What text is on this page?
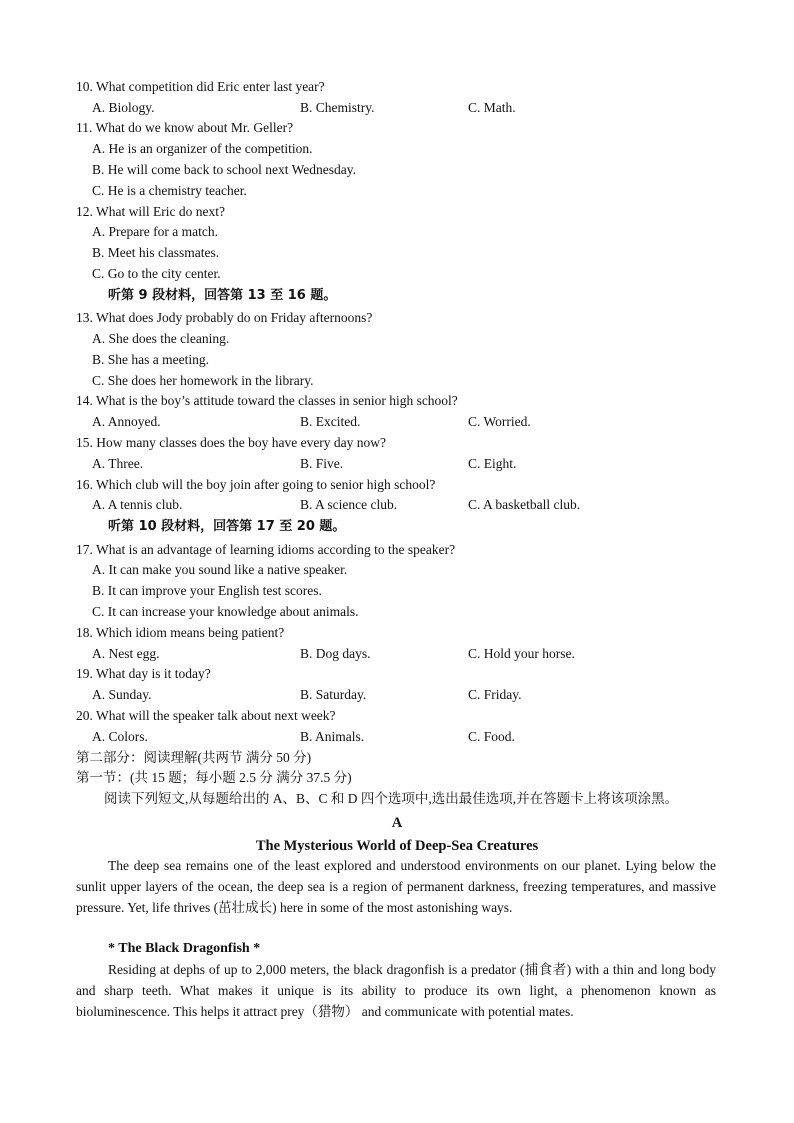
10. What competition did Eric enter last year?
A. Biology.	B. Chemistry.	C. Math.
11. What do we know about Mr. Geller?
A. He is an organizer of the competition.
B. He will come back to school next Wednesday.
C. He is a chemistry teacher.
12. What will Eric do next?
A. Prepare for a match.
B. Meet his classmates.
C. Go to the city center.
听第 9 段材料，回答第 13 至 16 题。
13. What does Jody probably do on Friday afternoons?
A. She does the cleaning.
B. She has a meeting.
C. She does her homework in the library.
14. What is the boy’s attitude toward the classes in senior high school?
A. Annoyed.	B. Excited.	C. Worried.
15. How many classes does the boy have every day now?
A. Three.	B. Five.	C. Eight.
16. Which club will the boy join after going to senior high school?
A. A tennis club.	B. A science club.	C. A basketball club.
听第 10 段材料，回答第 17 至 20 题。
17. What is an advantage of learning idioms according to the speaker?
A. It can make you sound like a native speaker.
B. It can improve your English test scores.
C. It can increase your knowledge about animals.
18. Which idiom means being patient?
A. Nest egg.	B. Dog days.	C. Hold your horse.
19. What day is it today?
A. Sunday.	B. Saturday.	C. Friday.
20. What will the speaker talk about next week?
A. Colors.	B. Animals.	C. Food.
第二部分：阅读理解(共两节 满分 50 分)
第一节：(共 15 题；每小题 2.5 分 满分 37.5 分)
阅读下列短文,从每题给出的 A、B、C 和 D 四个选项中,选出最佳选项,并在答题卡上将该项涂黑。
A
The Mysterious World of Deep-Sea Creatures
The deep sea remains one of the least explored and understood environments on our planet. Lying below the sunlit upper layers of the ocean, the deep sea is a region of permanent darkness, freezing temperatures, and massive pressure. Yet, life thrives (茁壮成长) here in some of the most astonishing ways.
* The Black Dragonfish *
Residing at dephs of up to 2,000 meters, the black dragonfish is a predator (捕食者) with a thin and long body and sharp teeth. What makes it unique is its ability to produce its own light, a phenomenon known as bioluminescence. This helps it attract prey（猎物） and communicate with potential mates.
